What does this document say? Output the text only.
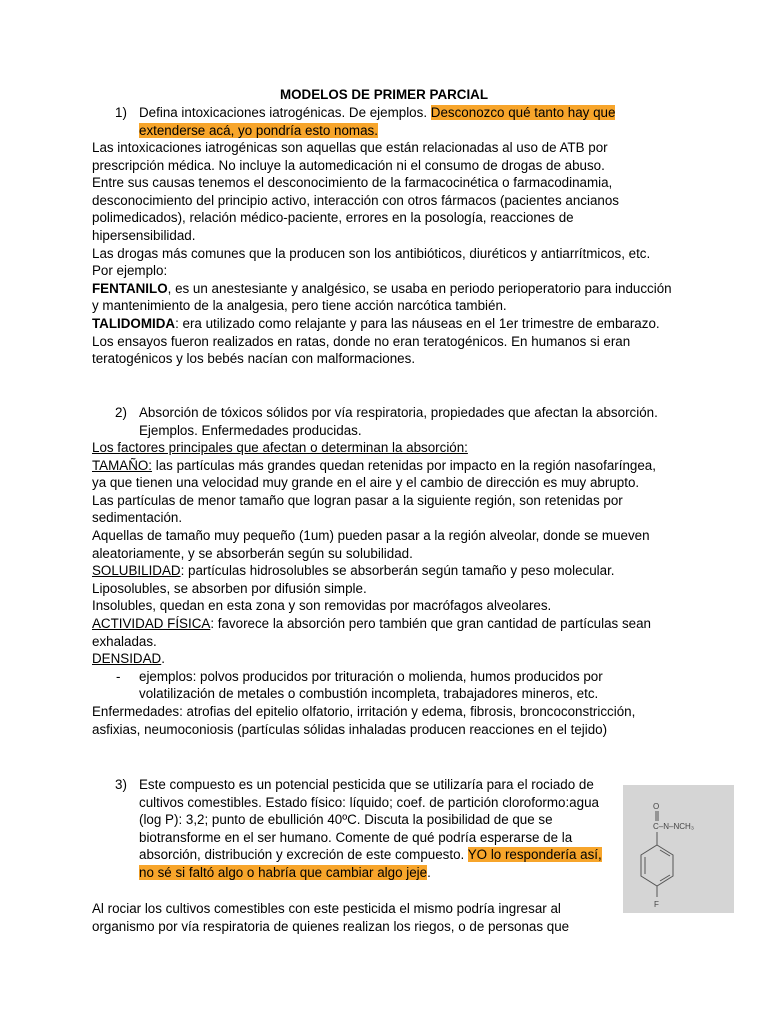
MODELOS DE PRIMER PARCIAL
1) Defina intoxicaciones iatrogénicas. De ejemplos. Desconozco qué tanto hay que extenderse acá, yo pondría esto nomas.
Las intoxicaciones iatrogénicas son aquellas que están relacionadas al uso de ATB por prescripción médica. No incluye la automedicación ni el consumo de drogas de abuso.
Entre sus causas tenemos el desconocimiento de la farmacocinética o farmacodinamia, desconocimiento del principio activo, interacción con otros fármacos (pacientes ancianos polimedicados), relación médico-paciente, errores en la posología, reacciones de hipersensibilidad.
Las drogas más comunes que la producen son los antibióticos, diuréticos y antiarrítmicos, etc.
Por ejemplo:
FENTANILO, es un anestesiante y analgésico, se usaba en periodo perioperatorio para inducción y mantenimiento de la analgesia, pero tiene acción narcótica también.
TALIDOMIDA: era utilizado como relajante y para las náuseas en el 1er trimestre de embarazo. Los ensayos fueron realizados en ratas, donde no eran teratogénicos. En humanos si eran teratogénicos y los bebés nacían con malformaciones.
2) Absorción de tóxicos sólidos por vía respiratoria, propiedades que afectan la absorción. Ejemplos. Enfermedades producidas.
Los factores principales que afectan o determinan la absorción:
TAMAÑO: las partículas más grandes quedan retenidas por impacto en la región nasofaríngea, ya que tienen una velocidad muy grande en el aire y el cambio de dirección es muy abrupto.
Las partículas de menor tamaño que logran pasar a la siguiente región, son retenidas por sedimentación.
Aquellas de tamaño muy pequeño (1um) pueden pasar a la región alveolar, donde se mueven aleatoriamente, y se absorberán según su solubilidad.
SOLUBILIDAD: partículas hidrosolubles se absorberán según tamaño y peso molecular.
Liposolubles, se absorben por difusión simple.
Insolubles, quedan en esta zona y son removidas por macrófagos alveolares.
ACTIVIDAD FÍSICA: favorece la absorción pero también que gran cantidad de partículas sean exhaladas.
DENSIDAD.
- ejemplos: polvos producidos por trituración o molienda, humos producidos por volatilización de metales o combustión incompleta, trabajadores mineros, etc.
Enfermedades: atrofias del epitelio olfatorio, irritación y edema, fibrosis, broncoconstricción, asfixias, neumoconiosis (partículas sólidas inhaladas producen reacciones en el tejido)
3) Este compuesto es un potencial pesticida que se utilizaría para el rociado de cultivos comestibles. Estado físico: líquido; coef. de partición cloroformo:agua (log P): 3,2; punto de ebullición 40ºC. Discuta la posibilidad de que se biotransforme en el ser humano. Comente de qué podría esperarse de la absorción, distribución y excreción de este compuesto. YO lo respondería así, no sé si faltó algo o habría que cambiar algo jeje.
Al rociar los cultivos comestibles con este pesticida el mismo podría ingresar al organismo por vía respiratoria de quienes realizan los riegos, o de personas que
O
C–N–NCH₃
F
